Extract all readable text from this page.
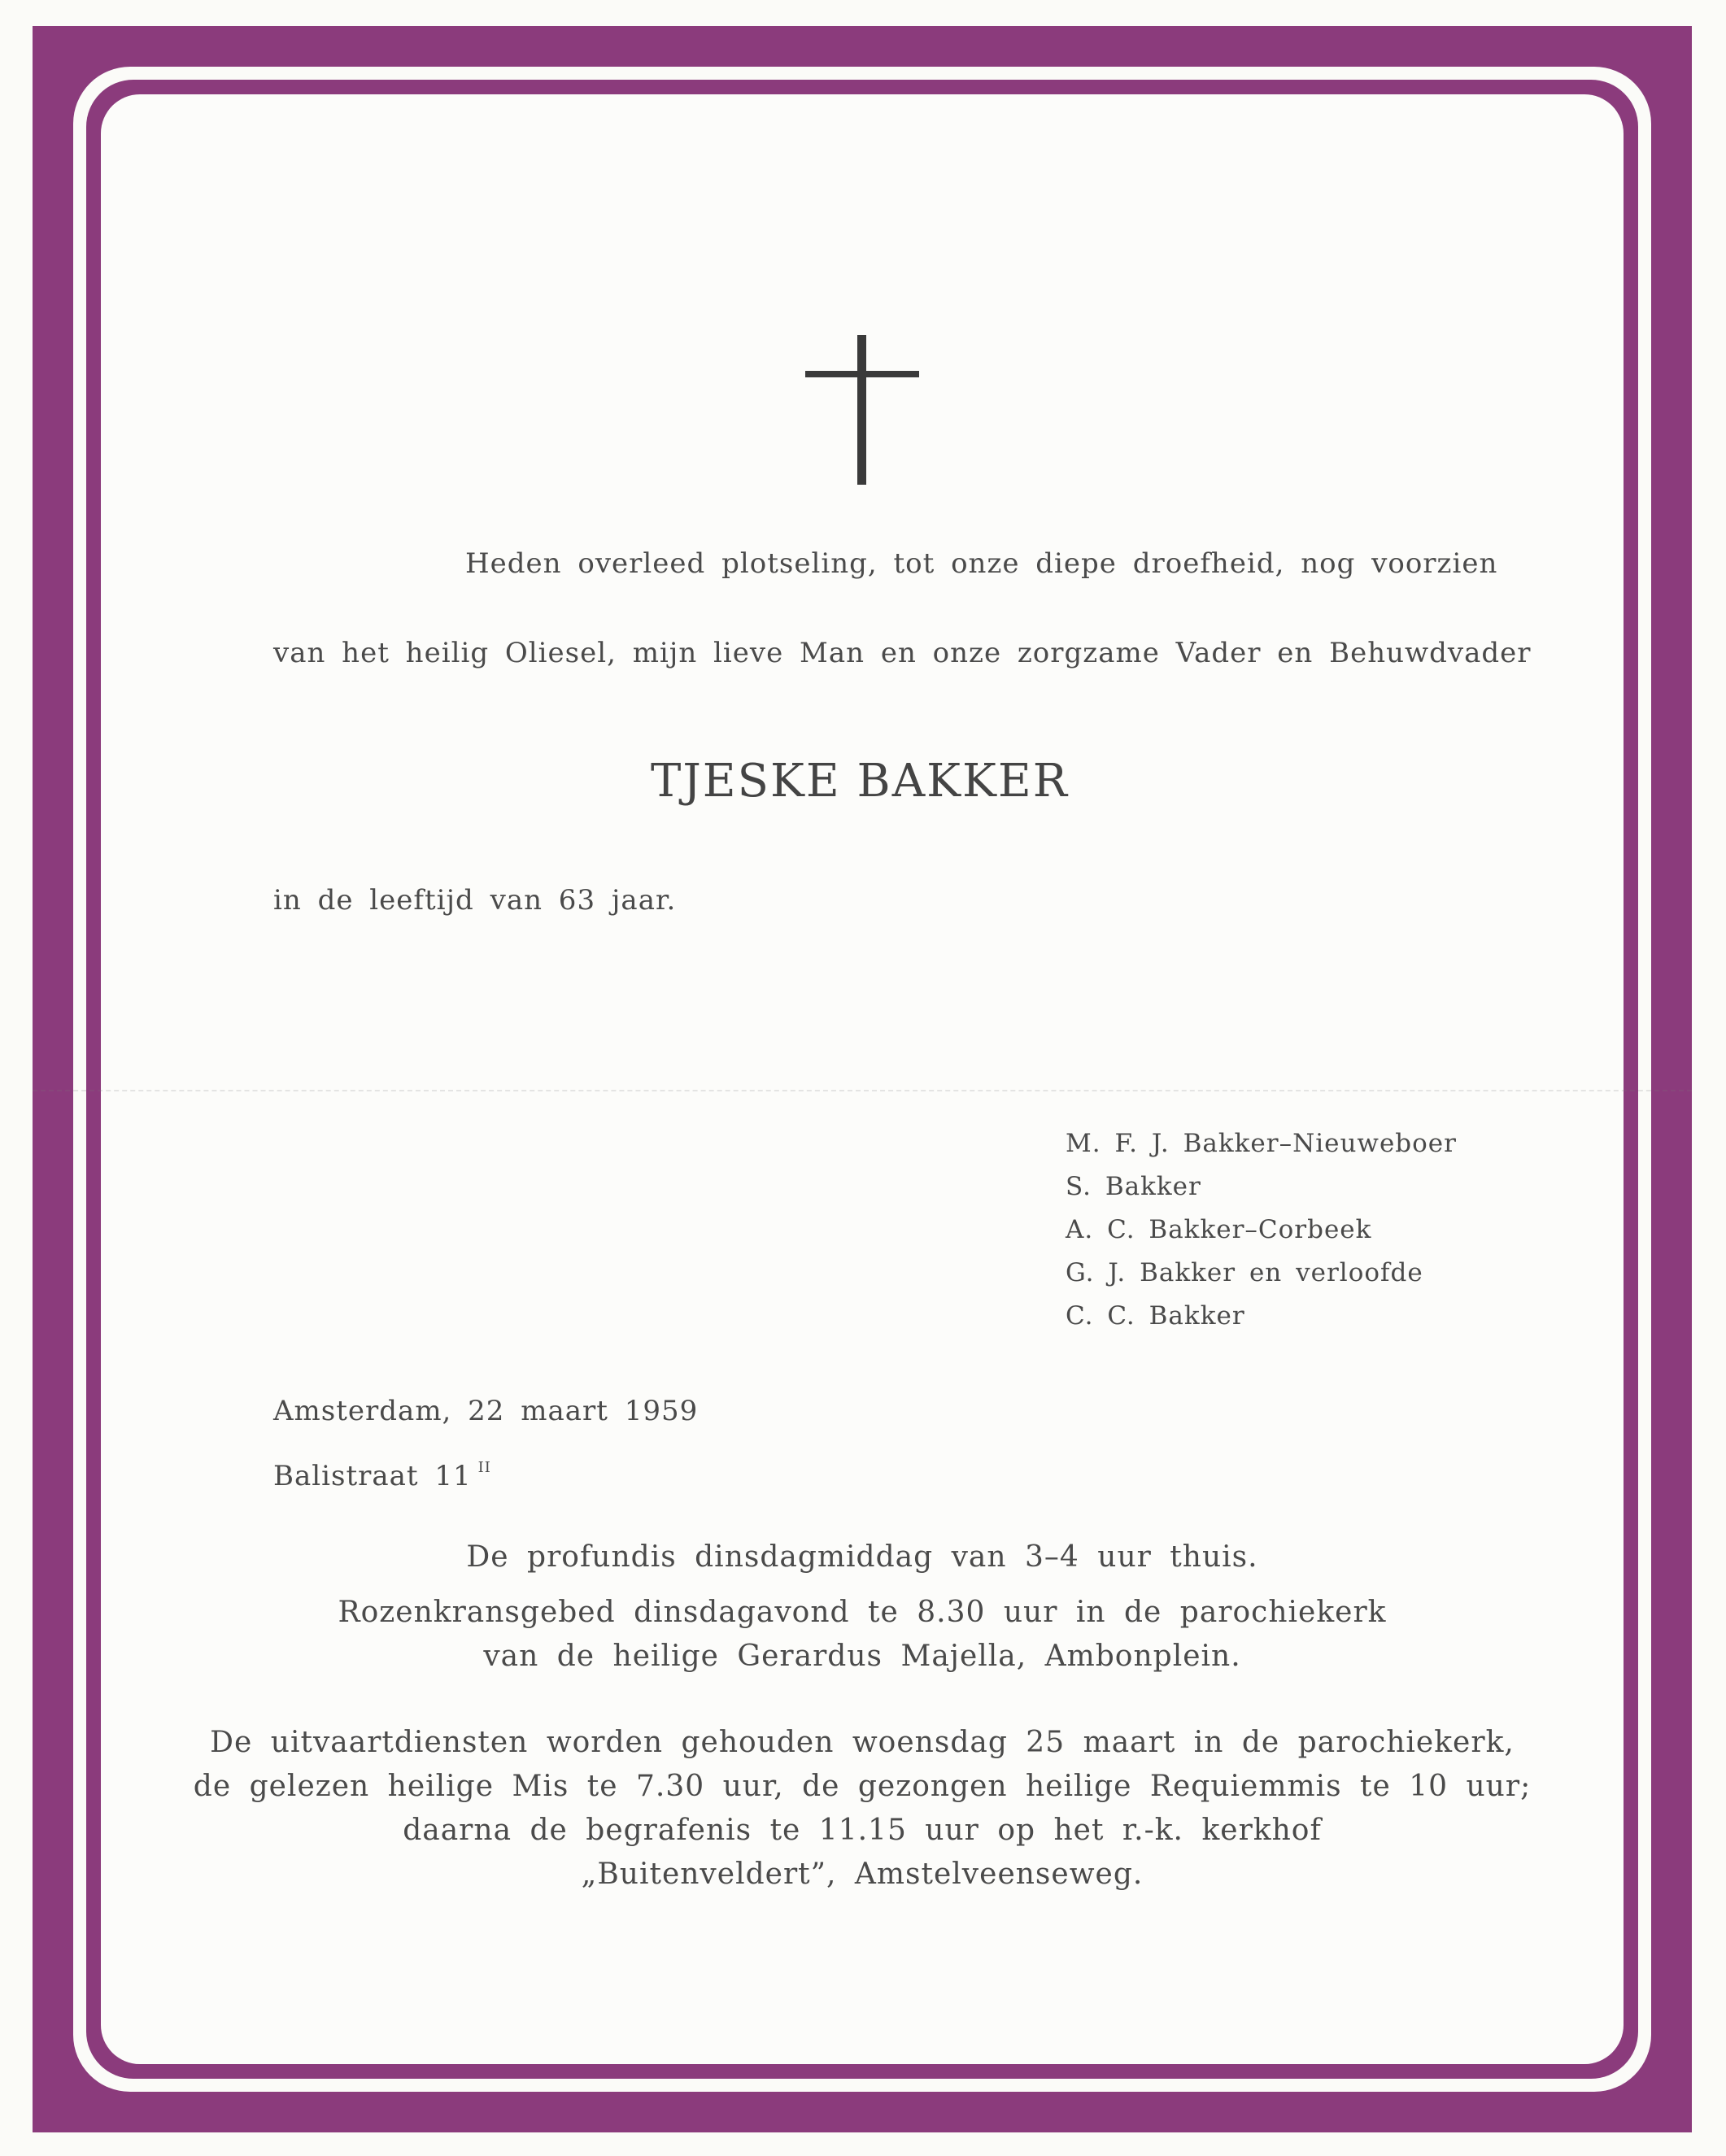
Heden overleed plotseling, tot onze diepe droefheid, nog voorzien
van het heilig Oliesel, mijn lieve Man en onze zorgzame Vader en Behuwdvader
TJESKE BAKKER
in de leeftijd van 63 jaar.
M. F. J. Bakker–Nieuweboer
S. Bakker
A. C. Bakker–Corbeek
G. J. Bakker en verloofde
C. C. Bakker
Amsterdam, 22 maart 1959
Balistraat 11 $^{II}$
De profundis dinsdagmiddag van 3–4 uur thuis.
Rozenkransgebed dinsdagavond te 8.30 uur in de parochiekerk
van de heilige Gerardus Majella, Ambonplein.
De uitvaartdiensten worden gehouden woensdag 25 maart in de parochiekerk,
de gelezen heilige Mis te 7.30 uur, de gezongen heilige Requiemmis te 10 uur;
daarna de begrafenis te 11.15 uur op het r.-k. kerkhof
„Buitenveldert”, Amstelveenseweg.
